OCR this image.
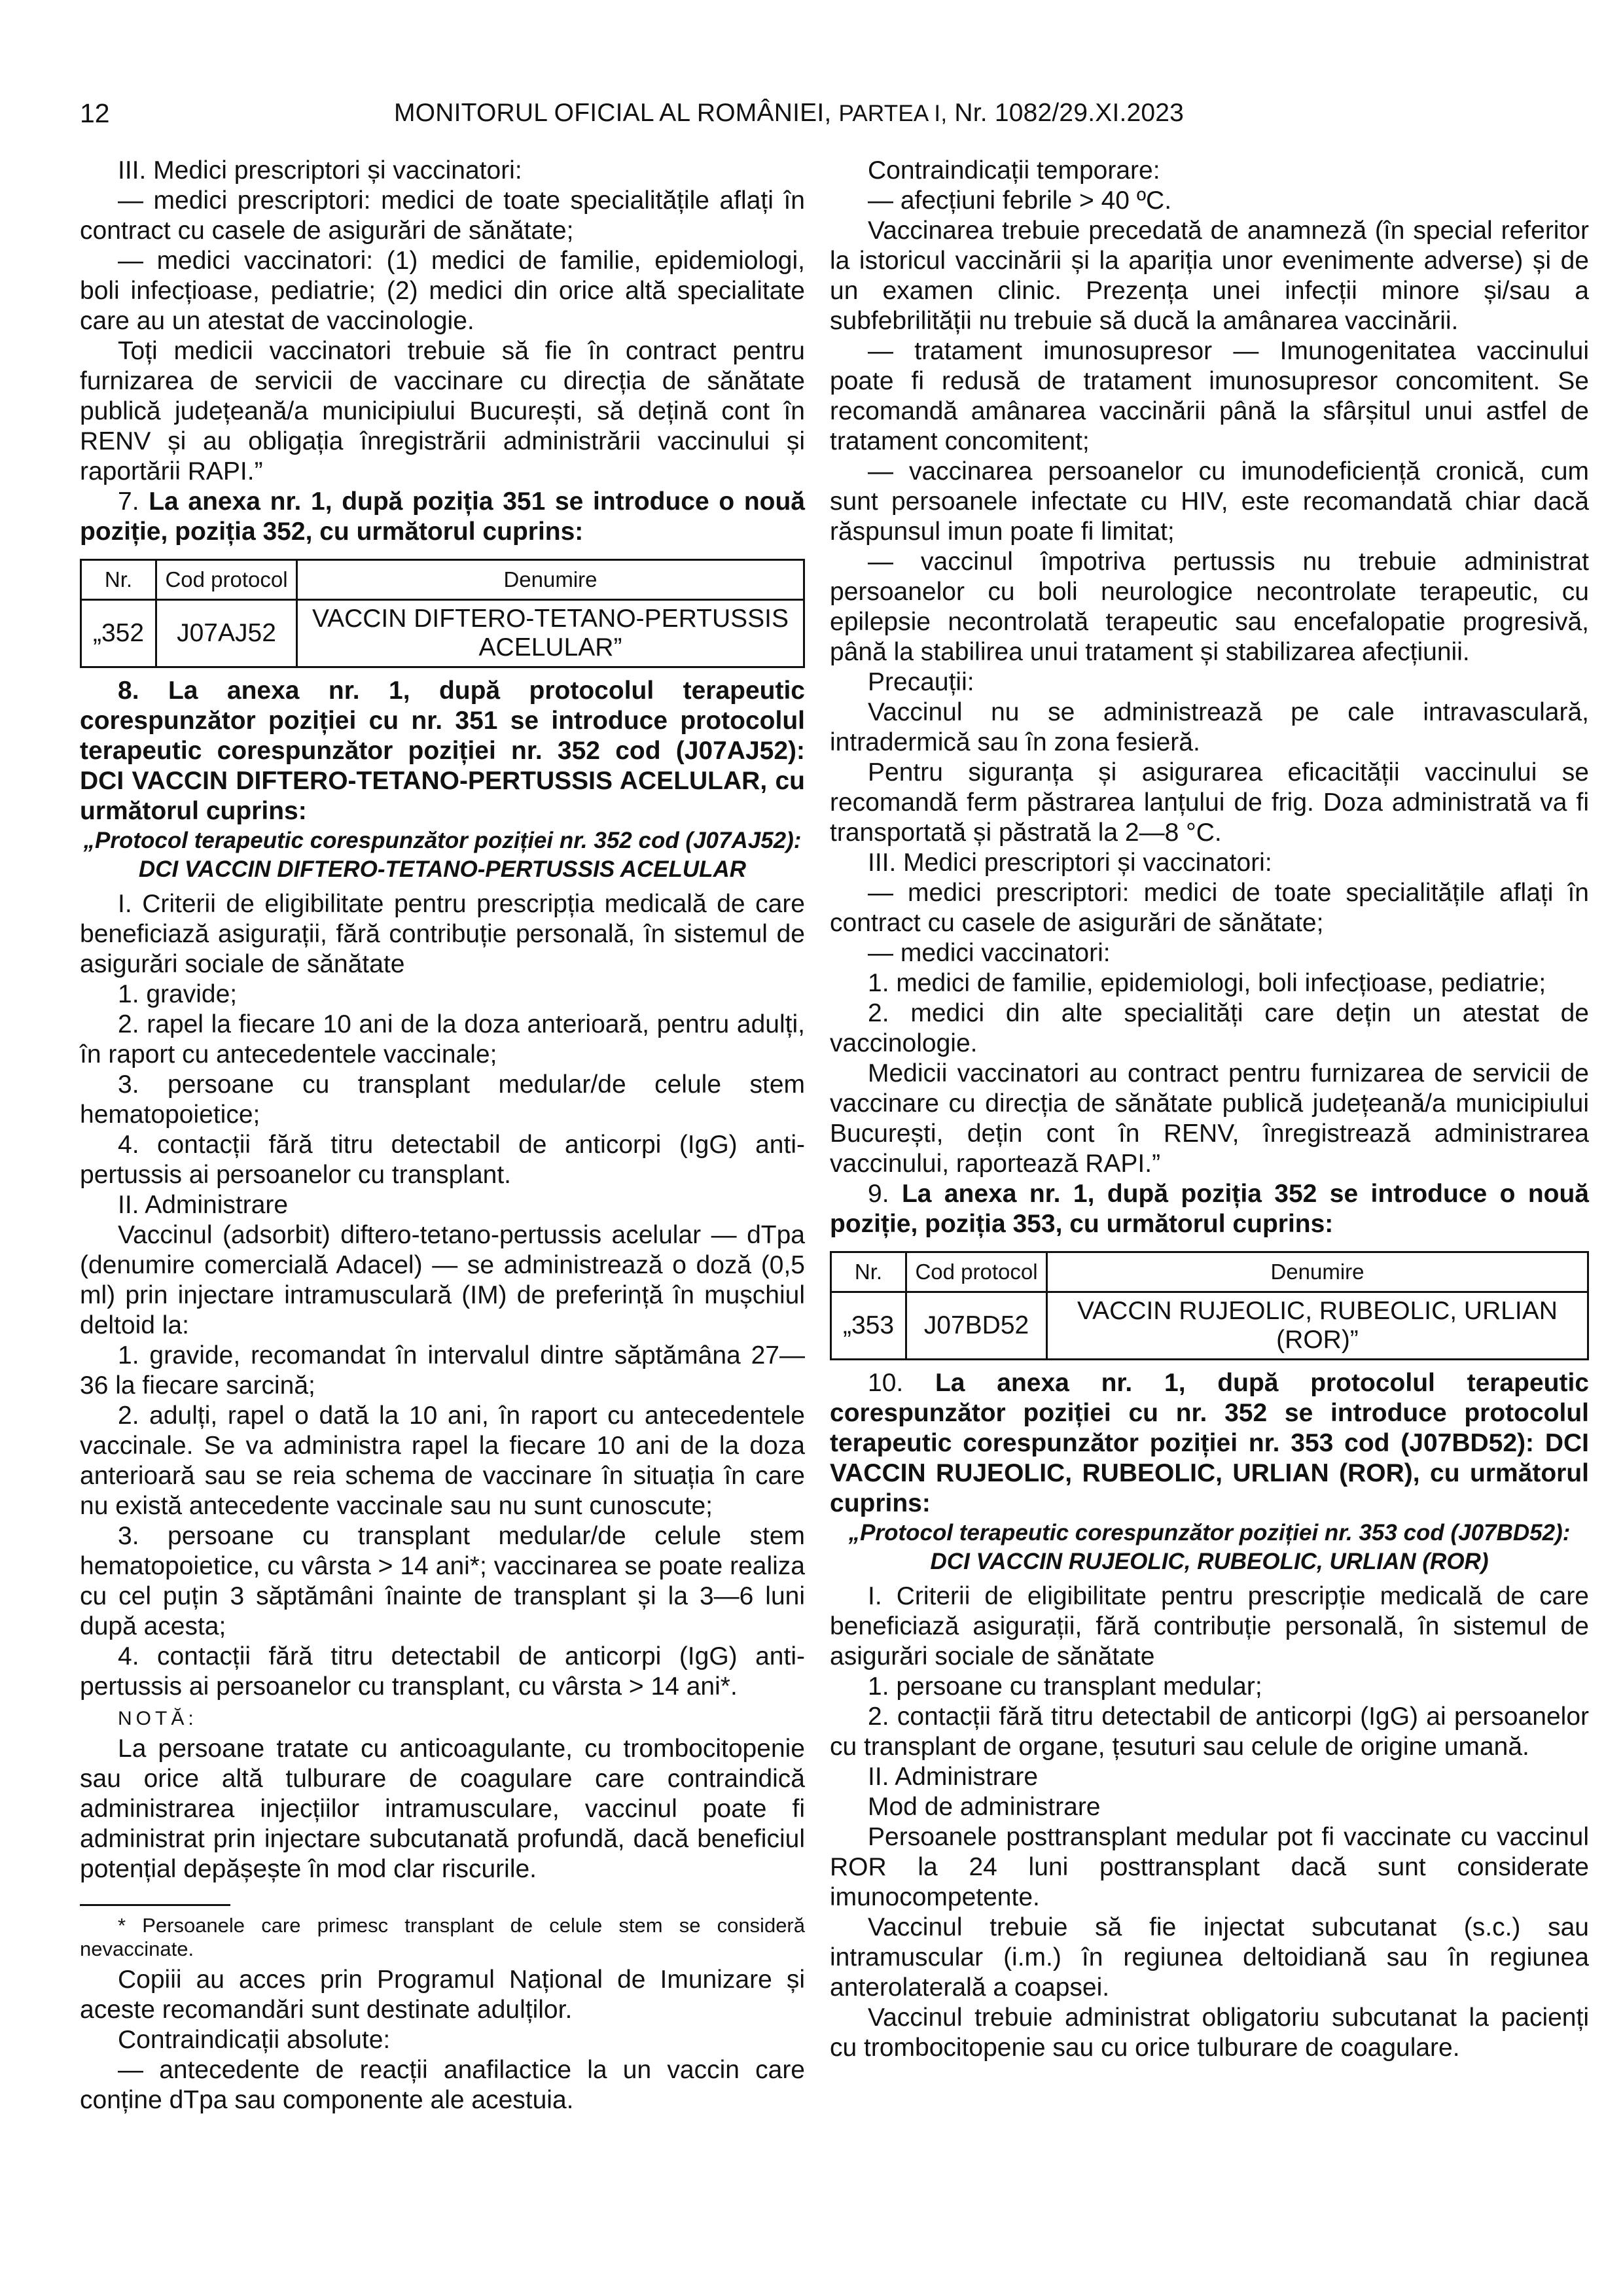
12	MONITORUL OFICIAL AL ROMÂNIEI, PARTEA I, Nr. 1082/29.XI.2023

III. Medici prescriptori și vaccinatori:

— medici prescriptori: medici de toate specialitățile aflați în contract cu casele de asigurări de sănătate;

— medici vaccinatori: (1) medici de familie, epidemiologi, boli infecțioase, pediatrie; (2) medici din orice altă specialitate care au un atestat de vaccinologie.

Toți medicii vaccinatori trebuie să fie în contract pentru furnizarea de servicii de vaccinare cu direcția de sănătate publică județeană/a municipiului București, să dețină cont în RENV și au obligația înregistrării administrării vaccinului și raportării RAPI.”

7. La anexa nr. 1, după poziția 351 se introduce o nouă poziție, poziția 352, cu următorul cuprins:

Nr.	Cod protocol	Denumire
„352	J07AJ52	VACCIN DIFTERO-TETANO-PERTUSSIS ACELULAR”

8. La anexa nr. 1, după protocolul terapeutic corespunzător poziției cu nr. 351 se introduce protocolul terapeutic corespunzător poziției nr. 352 cod (J07AJ52): DCI VACCIN DIFTERO-TETANO-PERTUSSIS ACELULAR, cu următorul cuprins:

„Protocol terapeutic corespunzător poziției nr. 352 cod (J07AJ52): DCI VACCIN DIFTERO-TETANO-PERTUSSIS ACELULAR

I. Criterii de eligibilitate pentru prescripția medicală de care beneficiază asigurații, fără contribuție personală, în sistemul de asigurări sociale de sănătate

1. gravide;

2. rapel la fiecare 10 ani de la doza anterioară, pentru adulți, în raport cu antecedentele vaccinale;

3. persoane cu transplant medular/de celule stem hematopoietice;

4. contacții fără titru detectabil de anticorpi (IgG) anti-pertussis ai persoanelor cu transplant.

II. Administrare

Vaccinul (adsorbit) diftero-tetano-pertussis acelular — dTpa (denumire comercială Adacel) — se administrează o doză (0,5 ml) prin injectare intramusculară (IM) de preferință în mușchiul deltoid la:

1. gravide, recomandat în intervalul dintre săptămâna 27—36 la fiecare sarcină;

2. adulți, rapel o dată la 10 ani, în raport cu antecedentele vaccinale. Se va administra rapel la fiecare 10 ani de la doza anterioară sau se reia schema de vaccinare în situația în care nu există antecedente vaccinale sau nu sunt cunoscute;

3. persoane cu transplant medular/de celule stem hematopoietice, cu vârsta > 14 ani*; vaccinarea se poate realiza cu cel puțin 3 săptămâni înainte de transplant și la 3—6 luni după acesta;

4. contacții fără titru detectabil de anticorpi (IgG) anti-pertussis ai persoanelor cu transplant, cu vârsta > 14 ani*.

NOTĂ:

La persoane tratate cu anticoagulante, cu trombocitopenie sau orice altă tulburare de coagulare care contraindică administrarea injecțiilor intramusculare, vaccinul poate fi administrat prin injectare subcutanată profundă, dacă beneficiul potențial depășește în mod clar riscurile.

* Persoanele care primesc transplant de celule stem se consideră nevaccinate.

Copiii au acces prin Programul Național de Imunizare și aceste recomandări sunt destinate adulților.

Contraindicații absolute:

— antecedente de reacții anafilactice la un vaccin care conține dTpa sau componente ale acestuia.

Contraindicații temporare:

— afecțiuni febrile > 40 ºC.

Vaccinarea trebuie precedată de anamneză (în special referitor la istoricul vaccinării și la apariția unor evenimente adverse) și de un examen clinic. Prezența unei infecții minore și/sau a subfebrilității nu trebuie să ducă la amânarea vaccinării.

— tratament imunosupresor — Imunogenitatea vaccinului poate fi redusă de tratament imunosupresor concomitent. Se recomandă amânarea vaccinării până la sfârșitul unui astfel de tratament concomitent;

— vaccinarea persoanelor cu imunodeficiență cronică, cum sunt persoanele infectate cu HIV, este recomandată chiar dacă răspunsul imun poate fi limitat;

— vaccinul împotriva pertussis nu trebuie administrat persoanelor cu boli neurologice necontrolate terapeutic, cu epilepsie necontrolată terapeutic sau encefalopatie progresivă, până la stabilirea unui tratament și stabilizarea afecțiunii.

Precauții:

Vaccinul nu se administrează pe cale intravasculară, intradermică sau în zona fesieră.

Pentru siguranța și asigurarea eficacității vaccinului se recomandă ferm păstrarea lanțului de frig. Doza administrată va fi transportată și păstrată la 2—8 °C.

III. Medici prescriptori și vaccinatori:

— medici prescriptori: medici de toate specialitățile aflați în contract cu casele de asigurări de sănătate;

— medici vaccinatori:

1. medici de familie, epidemiologi, boli infecțioase, pediatrie;

2. medici din alte specialități care dețin un atestat de vaccinologie.

Medicii vaccinatori au contract pentru furnizarea de servicii de vaccinare cu direcția de sănătate publică județeană/a municipiului București, dețin cont în RENV, înregistrează administrarea vaccinului, raportează RAPI.”

9. La anexa nr. 1, după poziția 352 se introduce o nouă poziție, poziția 353, cu următorul cuprins:

Nr.	Cod protocol	Denumire
„353	J07BD52	VACCIN RUJEOLIC, RUBEOLIC, URLIAN (ROR)”

10. La anexa nr. 1, după protocolul terapeutic corespunzător poziției cu nr. 352 se introduce protocolul terapeutic corespunzător poziției nr. 353 cod (J07BD52): DCI VACCIN RUJEOLIC, RUBEOLIC, URLIAN (ROR), cu următorul cuprins:

„Protocol terapeutic corespunzător poziției nr. 353 cod (J07BD52): DCI VACCIN RUJEOLIC, RUBEOLIC, URLIAN (ROR)

I. Criterii de eligibilitate pentru prescripție medicală de care beneficiază asigurații, fără contribuție personală, în sistemul de asigurări sociale de sănătate

1. persoane cu transplant medular;

2. contacții fără titru detectabil de anticorpi (IgG) ai persoanelor cu transplant de organe, țesuturi sau celule de origine umană.

II. Administrare

Mod de administrare

Persoanele posttransplant medular pot fi vaccinate cu vaccinul ROR la 24 luni posttransplant dacă sunt considerate imunocompetente.

Vaccinul trebuie să fie injectat subcutanat (s.c.) sau intramuscular (i.m.) în regiunea deltoidiană sau în regiunea anterolaterală a coapsei.

Vaccinul trebuie administrat obligatoriu subcutanat la pacienți cu trombocitopenie sau cu orice tulburare de coagulare.
